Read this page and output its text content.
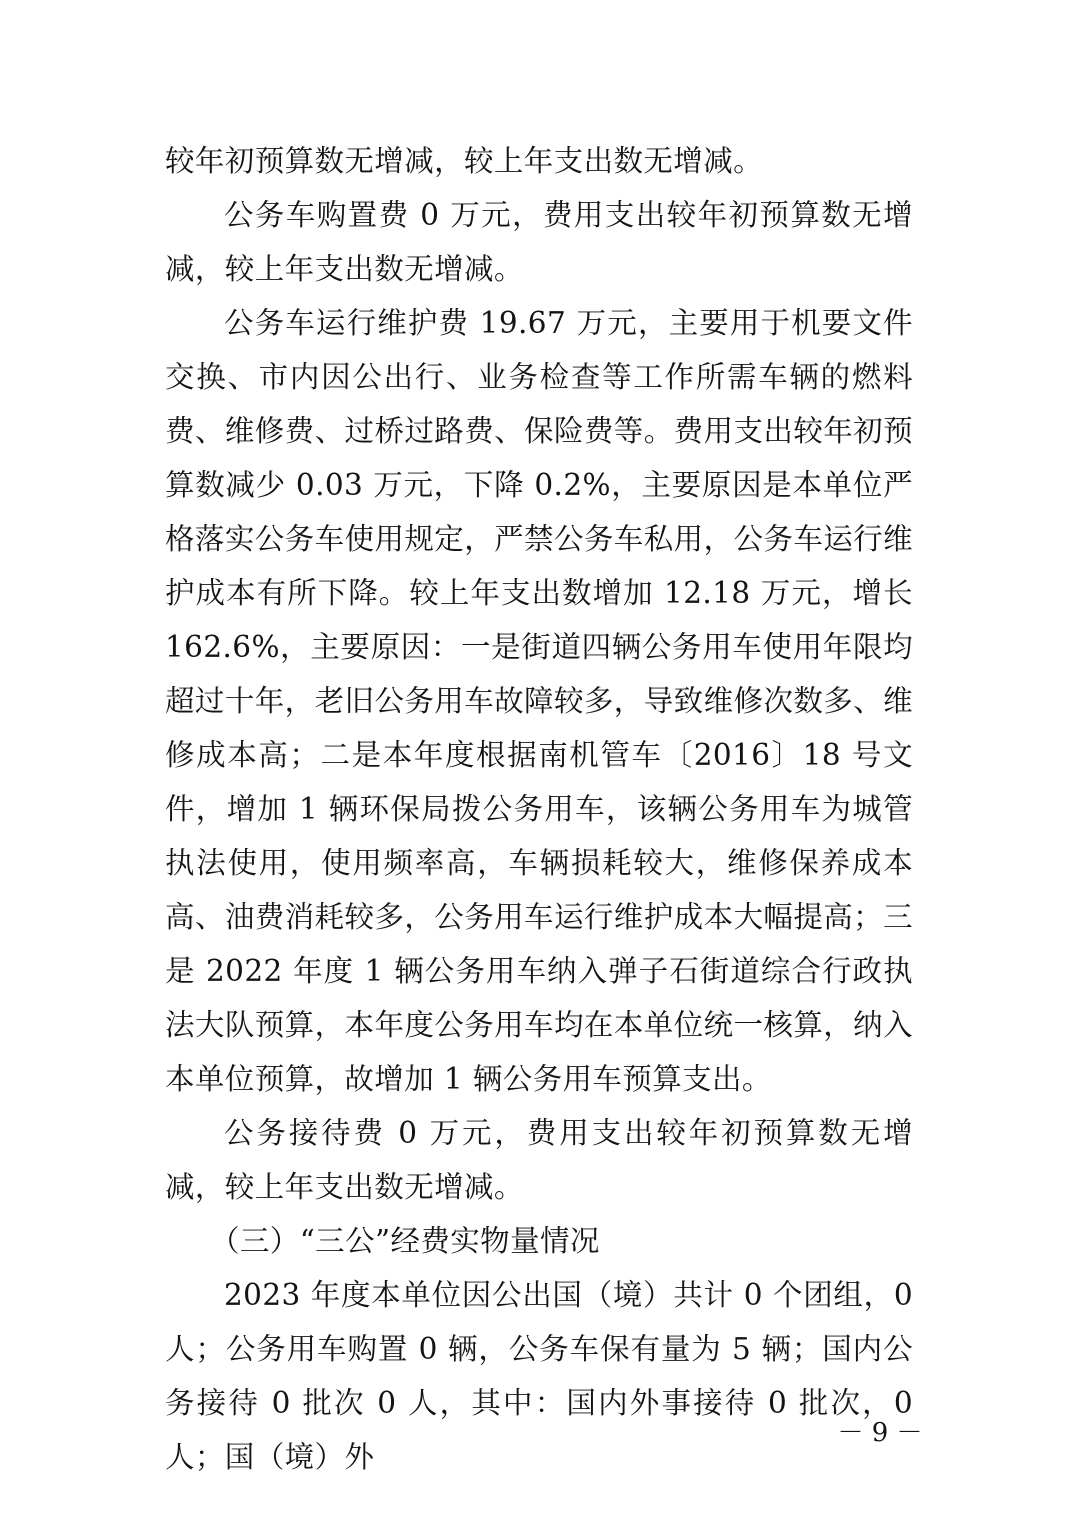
较年初预算数无增减，较上年支出数无增减。

公务车购置费 0 万元，费用支出较年初预算数无增减，较上年支出数无增减。

公务车运行维护费 19.67 万元，主要用于机要文件交换、市内因公出行、业务检查等工作所需车辆的燃料费、维修费、过桥过路费、保险费等。费用支出较年初预算数减少 0.03 万元，下降 0.2%，主要原因是本单位严格落实公务车使用规定，严禁公务车私用，公务车运行维护成本有所下降。较上年支出数增加 12.18 万元，增长 162.6%，主要原因：一是街道四辆公务用车使用年限均超过十年，老旧公务用车故障较多，导致维修次数多、维修成本高；二是本年度根据南机管车〔2016〕18 号文件，增加 1 辆环保局拨公务用车，该辆公务用车为城管执法使用，使用频率高，车辆损耗较大，维修保养成本高、油费消耗较多，公务用车运行维护成本大幅提高；三是 2022 年度 1 辆公务用车纳入弹子石街道综合行政执法大队预算，本年度公务用车均在本单位统一核算，纳入本单位预算，故增加 1 辆公务用车预算支出。

公务接待费 0 万元，费用支出较年初预算数无增减，较上年支出数无增减。

（三）“三公”经费实物量情况

2023 年度本单位因公出国（境）共计 0 个团组，0 人；公务用车购置 0 辆，公务车保有量为 5 辆；国内公务接待 0 批次 0 人，其中：国内外事接待 0 批次，0 人；国（境）外

－ 9 －
